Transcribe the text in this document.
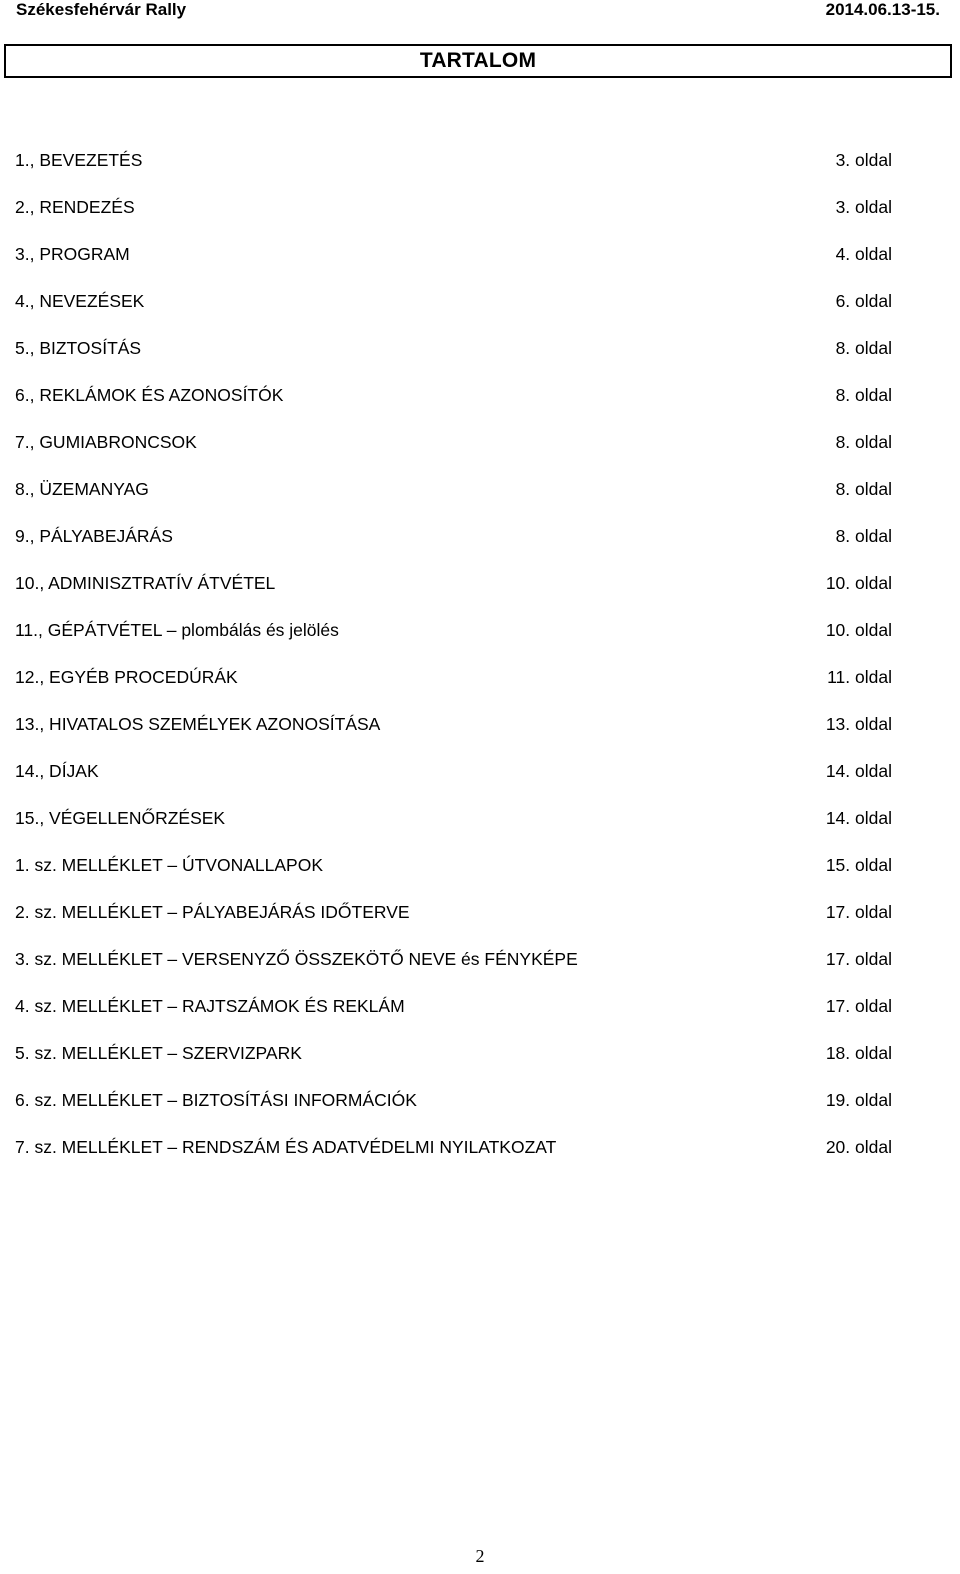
Székesfehérvár Rally	2014.06.13-15.
TARTALOM
1., BEVEZETÉS	3. oldal
2., RENDEZÉS	3. oldal
3., PROGRAM	4. oldal
4., NEVEZÉSEK	6. oldal
5., BIZTOSÍTÁS	8. oldal
6., REKLÁMOK ÉS AZONOSÍTÓK	8. oldal
7., GUMIABRONCSOK	8. oldal
8., ÜZEMANYAG	8. oldal
9., PÁLYABEJÁRÁS	8. oldal
10., ADMINISZTRATÍV ÁTVÉTEL	10. oldal
11., GÉPÁTVÉTEL – plombálás és jelölés	10. oldal
12., EGYÉB PROCEDÚRÁK	11. oldal
13., HIVATALOS SZEMÉLYEK AZONOSÍTÁSA	13. oldal
14., DÍJAK	14. oldal
15., VÉGELLENŐRZÉSEK	14. oldal
1. sz. MELLÉKLET – ÚTVONALLAPOK	15. oldal
2. sz. MELLÉKLET – PÁLYABEJÁRÁS IDŐTERVE	17. oldal
3. sz. MELLÉKLET – VERSENYZŐ ÖSSZEKÖTŐ NEVE és FÉNYKÉPE	17. oldal
4. sz. MELLÉKLET – RAJTSZÁMOK ÉS REKLÁM	17. oldal
5. sz. MELLÉKLET – SZERVIZPARK	18. oldal
6. sz. MELLÉKLET – BIZTOSÍTÁSI INFORMÁCIÓK	19. oldal
7. sz. MELLÉKLET – RENDSZÁM ÉS ADATVÉDELMI NYILATKOZAT	20. oldal
2
